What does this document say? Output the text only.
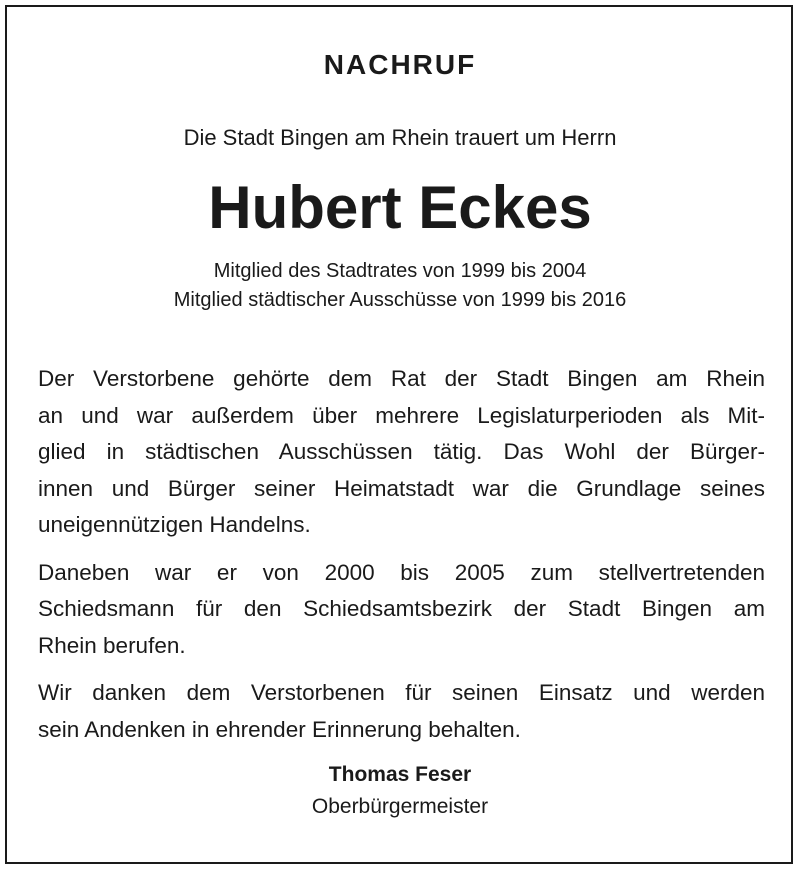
NACHRUF
Die Stadt Bingen am Rhein trauert um Herrn
Hubert Eckes
Mitglied des Stadtrates von 1999 bis 2004
Mitglied städtischer Ausschüsse von 1999 bis 2016

Der Verstorbene gehörte dem Rat der Stadt Bingen am Rhein
an und war außerdem über mehrere Legislaturperioden als Mit-
glied in städtischen Ausschüssen tätig. Das Wohl der Bürger-
innen und Bürger seiner Heimatstadt war die Grundlage seines
uneigennützigen Handelns.

Daneben war er von 2000 bis 2005 zum stellvertretenden
Schiedsmann für den Schiedsamtsbezirk der Stadt Bingen am
Rhein berufen.

Wir danken dem Verstorbenen für seinen Einsatz und werden
sein Andenken in ehrender Erinnerung behalten.

Thomas Feser
Oberbürgermeister
